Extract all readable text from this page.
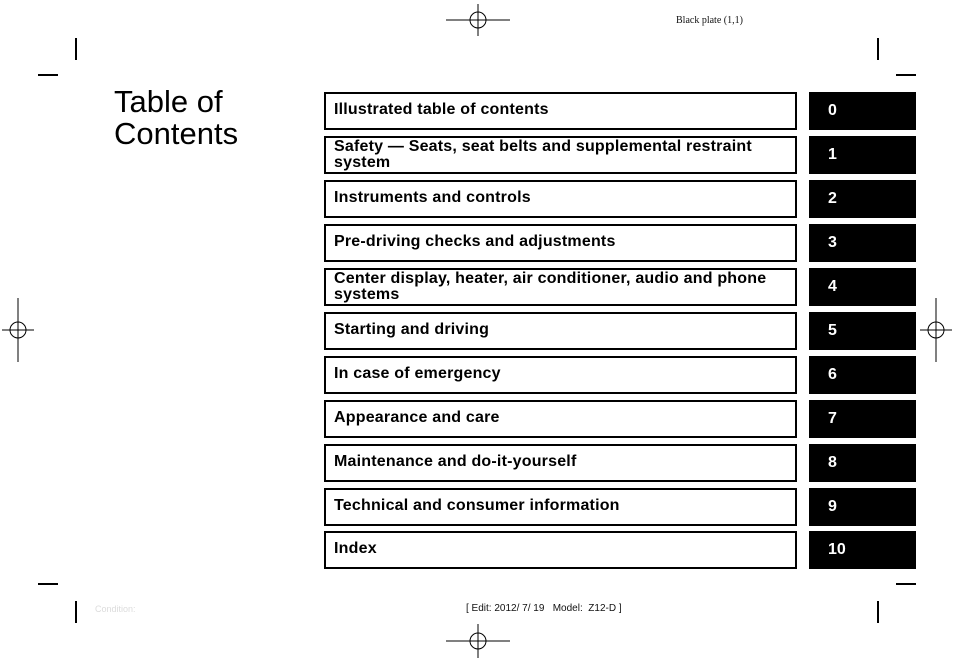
Black plate (1,1)
Table of
Contents
Illustrated table of contents	0
Safety — Seats, seat belts and supplemental restraint system	1
Instruments and controls	2
Pre-driving checks and adjustments	3
Center display, heater, air conditioner, audio and phone systems	4
Starting and driving	5
In case of emergency	6
Appearance and care	7
Maintenance and do-it-yourself	8
Technical and consumer information	9
Index	10
Condition:	[ Edit: 2012/ 7/ 19   Model:  Z12-D ]
